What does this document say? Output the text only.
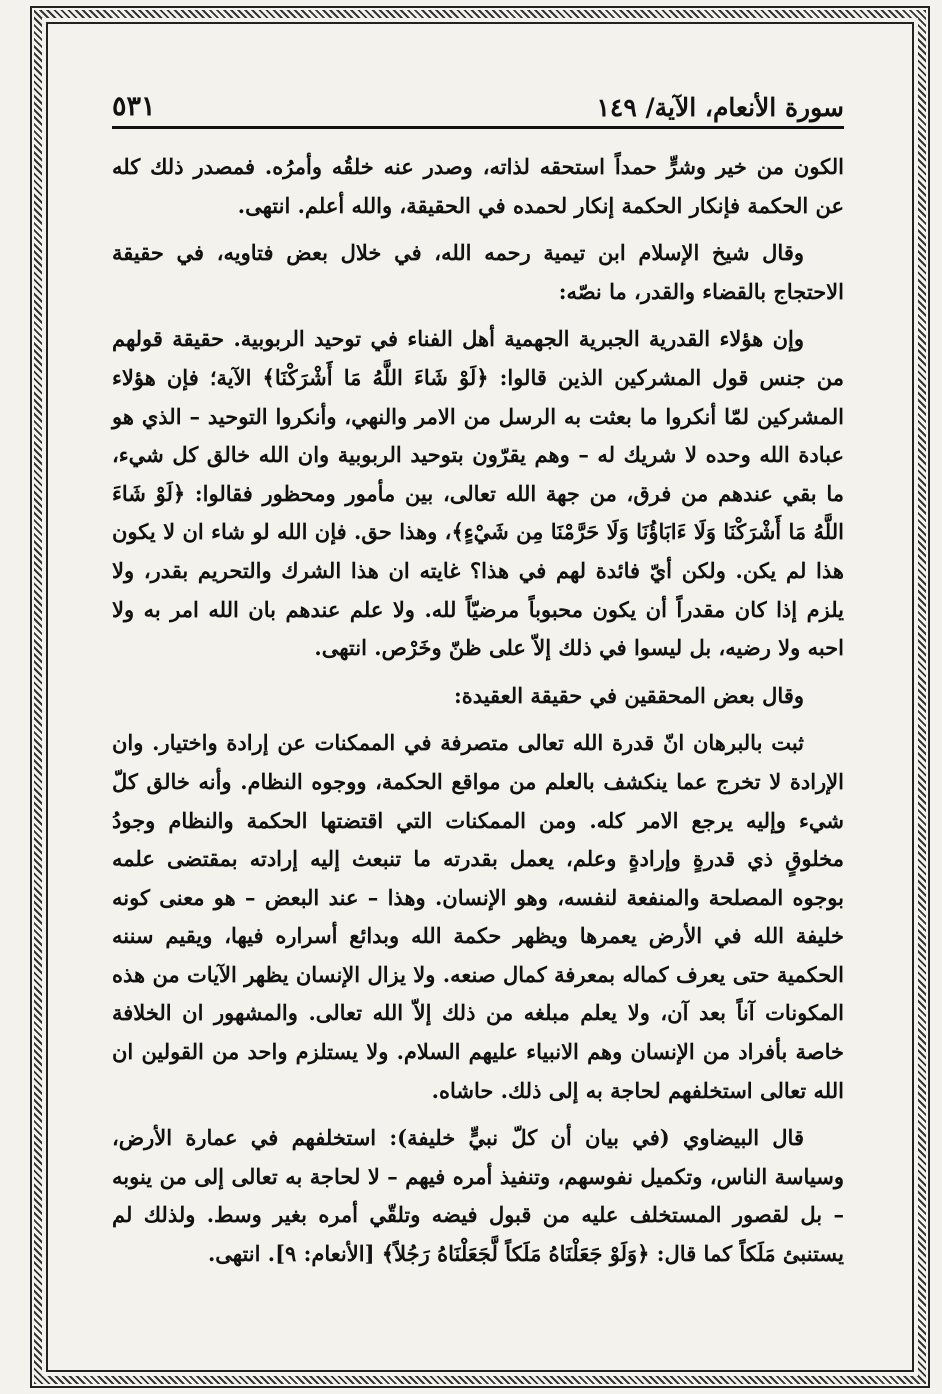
سورة الأنعام، الآية/ ١٤٩
٥٣١

الكون من خير وشرٍّ حمداً استحقه لذاته، وصدر عنه خلقُه وأمرُه. فمصدر ذلك كله عن الحكمة فإنكار الحكمة إنكار لحمده في الحقيقة، والله أعلم. انتهى.

وقال شيخ الإسلام ابن تيمية رحمه الله، في خلال بعض فتاويه، في حقيقة الاحتجاج بالقضاء والقدر، ما نصّه:

وإن هؤلاء القدرية الجبرية الجهمية أهل الفناء في توحيد الربوبية. حقيقة قولهم من جنس قول المشركين الذين قالوا: ﴿لَوْ شَاءَ اللَّهُ مَا أَشْرَكْنَا﴾ الآية؛ فإن هؤلاء المشركين لمّا أنكروا ما بعثت به الرسل من الامر والنهي، وأنكروا التوحيد – الذي هو عبادة الله وحده لا شريك له – وهم يقرّون بتوحيد الربوبية وان الله خالق كل شيء، ما بقي عندهم من فرق، من جهة الله تعالى، بين مأمور ومحظور فقالوا: ﴿لَوْ شَاءَ اللَّهُ مَا أَشْرَكْنَا وَلَا ءَابَاؤُنَا وَلَا حَرَّمْنَا مِن شَيْءٍ﴾، وهذا حق. فإن الله لو شاء ان لا يكون هذا لم يكن. ولكن أيّ فائدة لهم في هذا؟ غايته ان هذا الشرك والتحريم بقدر، ولا يلزم إذا كان مقدراً أن يكون محبوباً مرضيّاً لله. ولا علم عندهم بان الله امر به ولا احبه ولا رضيه، بل ليسوا في ذلك إلاّ على ظنّ وخَرْص. انتهى.

وقال بعض المحققين في حقيقة العقيدة:

ثبت بالبرهان انّ قدرة الله تعالى متصرفة في الممكنات عن إرادة واختيار. وان الإرادة لا تخرج عما ينكشف بالعلم من مواقع الحكمة، ووجوه النظام. وأنه خالق كلّ شيء وإليه يرجع الامر كله. ومن الممكنات التي اقتضتها الحكمة والنظام وجودُ مخلوقٍ ذي قدرةٍ وإرادةٍ وعلم، يعمل بقدرته ما تنبعث إليه إرادته بمقتضى علمه بوجوه المصلحة والمنفعة لنفسه، وهو الإنسان. وهذا – عند البعض – هو معنى كونه خليفة الله في الأرض يعمرها ويظهر حكمة الله وبدائع أسراره فيها، ويقيم سننه الحكمية حتى يعرف كماله بمعرفة كمال صنعه. ولا يزال الإنسان يظهر الآيات من هذه المكونات آناً بعد آن، ولا يعلم مبلغه من ذلك إلاّ الله تعالى. والمشهور ان الخلافة خاصة بأفراد من الإنسان وهم الانبياء عليهم السلام. ولا يستلزم واحد من القولين ان الله تعالى استخلفهم لحاجة به إلى ذلك. حاشاه.

قال البيضاوي (في بيان أن كلّ نبيٍّ خليفة): استخلفهم في عمارة الأرض، وسياسة الناس، وتكميل نفوسهم، وتنفيذ أمره فيهم – لا لحاجة به تعالى إلى من ينوبه – بل لقصور المستخلف عليه من قبول فيضه وتلقّي أمره بغير وسط. ولذلك لم يستنبئ مَلَكاً كما قال: ﴿وَلَوْ جَعَلْنَاهُ مَلَكاً لَّجَعَلْنَاهُ رَجُلاً﴾ [الأنعام: ٩]. انتهى.
